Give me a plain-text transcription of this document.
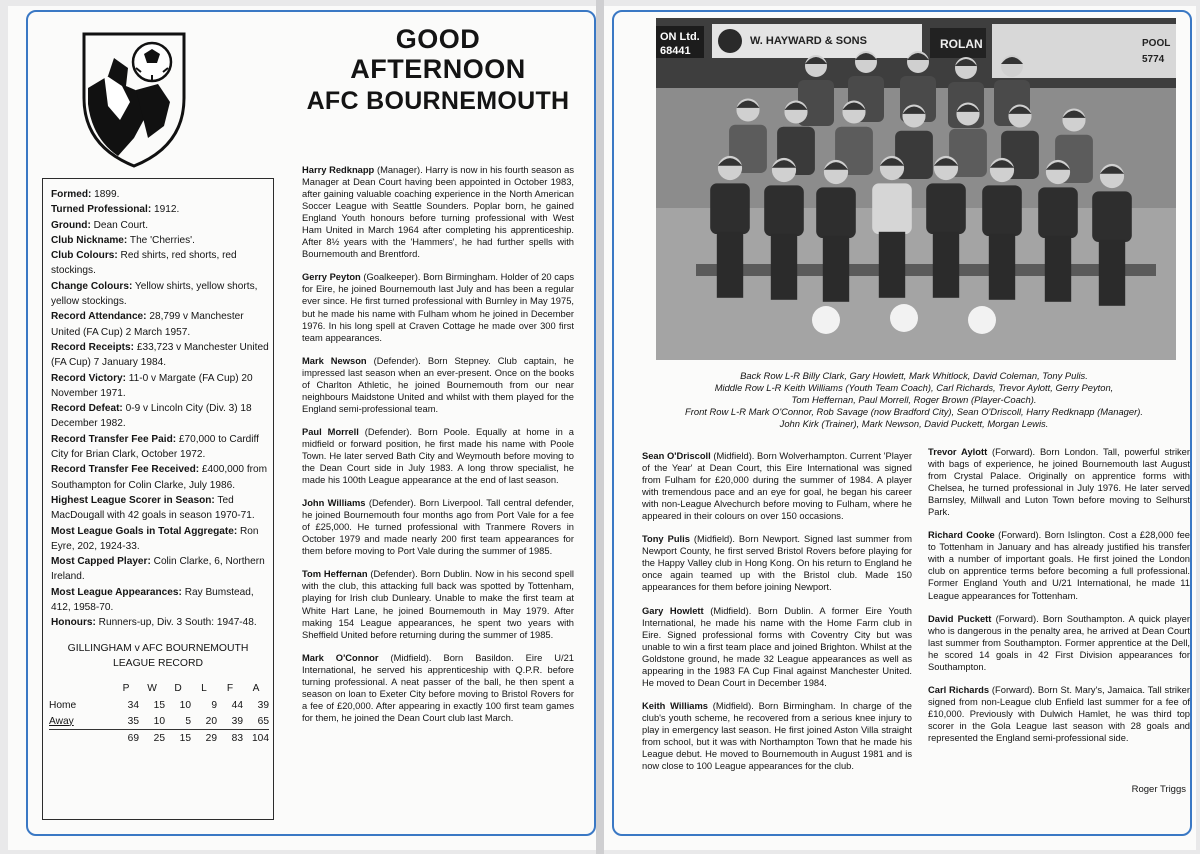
GOOD
AFTERNOON
AFC BOURNEMOUTH

Formed: 1899.

Turned Professional: 1912.

Ground: Dean Court.

Club Nickname: The 'Cherries'.

Club Colours: Red shirts, red shorts, red stockings.

Change Colours: Yellow shirts, yellow shorts, yellow stockings.

Record Attendance: 28,799 v Manchester United (FA Cup) 2 March 1957.

Record Receipts: £33,723 v Manchester United (FA Cup) 7 January 1984.

Record Victory: 11-0 v Margate (FA Cup) 20 November 1971.

Record Defeat: 0-9 v Lincoln City (Div. 3) 18 December 1982.

Record Transfer Fee Paid: £70,000 to Cardiff City for Brian Clark, October 1972.

Record Transfer Fee Received: £400,000 from Southampton for Colin Clarke, July 1986.

Highest League Scorer in Season: Ted MacDougall with 42 goals in season 1970-71.

Most League Goals in Total Aggregate: Ron Eyre, 202, 1924-33.

Most Capped Player: Colin Clarke, 6, Northern Ireland.

Most League Appearances: Ray Bumstead, 412, 1958-70.

Honours: Runners-up, Div. 3 South: 1947-48.

GILLINGHAM v AFC BOURNEMOUTH
LEAGUE RECORD
	P	W	D	L	F	A
Home	34	15	10	9	44	39
Away	35	10	5	20	39	65
	69	25	15	29	83	104

Harry Redknapp (Manager). Harry is now in his fourth season as Manager at Dean Court having been appointed in October 1983, after gaining valuable coaching experience in the North American Soccer League with Seattle Sounders. Poplar born, he gained England Youth honours before turning professional with West Ham United in March 1964 after completing his apprenticeship. After 8½ years with the 'Hammers', he had further spells with Bournemouth and Brentford.

Gerry Peyton (Goalkeeper). Born Birmingham. Holder of 20 caps for Eire, he joined Bournemouth last July and has been a regular ever since. He first turned professional with Burnley in May 1975, but he made his name with Fulham whom he joined in December 1976. In his long spell at Craven Cottage he made over 300 first team appearances.

Mark Newson (Defender). Born Stepney. Club captain, he impressed last season when an ever-present. Once on the books of Charlton Athletic, he joined Bournemouth from our near neighbours Maidstone United and whilst with them played for the England semi-professional team.

Paul Morrell (Defender). Born Poole. Equally at home in a midfield or forward position, he first made his name with Poole Town. He later served Bath City and Weymouth before moving to the Dean Court side in July 1983. A long throw specialist, he made his 100th League appearance at the end of last season.

John Williams (Defender). Born Liverpool. Tall central defender, he joined Bournemouth four months ago from Port Vale for a fee of £25,000. He turned professional with Tranmere Rovers in October 1979 and made nearly 200 first team appearances for them before moving to Port Vale during the summer of 1985.

Tom Heffernan (Defender). Born Dublin. Now in his second spell with the club, this attacking full back was spotted by Tottenham, playing for Irish club Dunleary. Unable to make the first team at White Hart Lane, he joined Bournemouth in May 1979. After making 154 League appearances, he spent two years with Sheffield United before returning during the summer of 1985.

Mark O'Connor (Midfield). Born Basildon. Eire U/21 International, he served his apprenticeship with Q.P.R. before turning professional. A neat passer of the ball, he then spent a season on loan to Exeter City before moving to Bristol Rovers for a fee of £20,000. After appearing in exactly 100 first team games for them, he joined the Dean Court club last March.

ON Ltd.
68441
W. HAYWARD & SONS	ROLAN	POOL
5774

Back Row L-R Billy Clark, Gary Howlett, Mark Whitlock, David Coleman, Tony Pulis.

Middle Row L-R Keith Williams (Youth Team Coach), Carl Richards, Trevor Aylott, Gerry Peyton,

Tom Heffernan, Paul Morrell, Roger Brown (Player-Coach).

Front Row L-R Mark O'Connor, Rob Savage (now Bradford City), Sean O'Driscoll, Harry Redknapp (Manager).

John Kirk (Trainer), Mark Newson, David Puckett, Morgan Lewis.

Sean O'Driscoll (Midfield). Born Wolverhampton. Current 'Player of the Year' at Dean Court, this Eire International was signed from Fulham for £20,000 during the summer of 1984. A player with tremendous pace and an eye for goal, he began his career with non-League Alvechurch before moving to Fulham, where he appeared in their colours on over 150 occasions.

Tony Pulis (Midfield). Born Newport. Signed last summer from Newport County, he first served Bristol Rovers before playing for the Happy Valley club in Hong Kong. On his return to England he once again teamed up with the Bristol club. Made 150 appearances for them before joining Newport.

Gary Howlett (Midfield). Born Dublin. A former Eire Youth International, he made his name with the Home Farm club in Eire. Signed professional forms with Coventry City but was unable to win a first team place and joined Brighton. Whilst at the Goldstone ground, he made 32 League appearances as well as appearing in the 1983 FA Cup Final against Manchester United. He moved to Dean Court in December 1984.

Keith Williams (Midfield). Born Birmingham. In charge of the club's youth scheme, he recovered from a serious knee injury to play in emergency last season. He first joined Aston Villa straight from school, but it was with Northampton Town that he made his League debut. He moved to Bournemouth in August 1981 and is now close to 100 League appearances for the club.

Trevor Aylott (Forward). Born London. Tall, powerful striker with bags of experience, he joined Bournemouth last August from Crystal Palace. Originally on apprentice forms with Chelsea, he turned professional in July 1976. He later served Barnsley, Millwall and Luton Town before moving to Selhurst Park.

Richard Cooke (Forward). Born Islington. Cost a £28,000 fee to Tottenham in January and has already justified his transfer with a number of important goals. He first joined the London club on apprentice terms before becoming a full professional. Former England Youth and U/21 International, he made 11 League appearances for Tottenham.

David Puckett (Forward). Born Southampton. A quick player who is dangerous in the penalty area, he arrived at Dean Court last summer from Southampton. Former apprentice at the Dell, he scored 14 goals in 42 First Division appearances for Southampton.

Carl Richards (Forward). Born St. Mary's, Jamaica. Tall striker signed from non-League club Enfield last summer for a fee of £10,000. Previously with Dulwich Hamlet, he was third top scorer in the Gola League last season with 28 goals and represented the England semi-professional side.

Roger Triggs
